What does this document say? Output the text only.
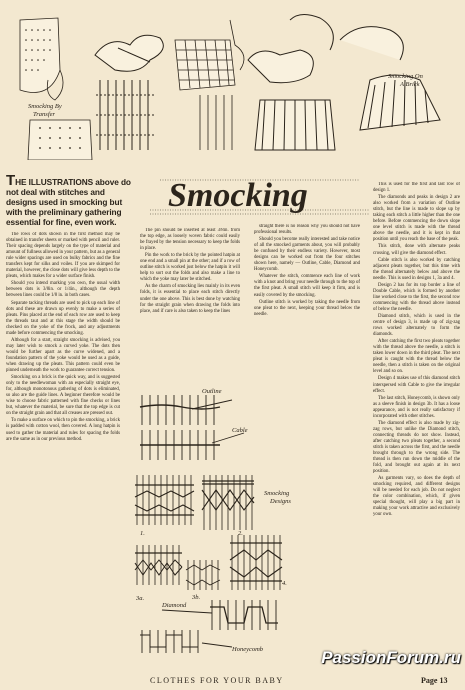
Smocking By
Transfer
Smocking On
A Brick
Smocking
THE ILLUSTRATIONS above do not deal with stitches and designs used in smocking but with the preliminary gathering essential for fine, even work.

The rows of dots shown in the first method may be obtained in transfer sheets or marked with pencil and ruler. Their spacing depends largely on the type of material and amount of fullness allowed in your pattern, but as a general rule wider spacings are used on bulky fabrics and the fine transfers kept for silks and voiles. If you are skimped for material, however, the close dots will give less depth to the pleats, which makes for a wider surface finish.

Should you intend marking you own, the usual width between dots is 3/8in. or 1/4in., although the depth between lines could be 1/8 in. in both cases.

Separate tacking threads are used to pick up each line of dots and these are drawn up evenly to make a series of pleats. Pins placed at the end of each row are used to keep the threads taut and at this stage the width should be checked on the yoke of the frock, and any adjustments made before commencing the smocking.

Although for a start, straight smocking is advised, you may later wish to smock a curved yoke. The dots then would be further apart as the curve widened, and a foundation pattern of the yoke would be used as a guide, when drawing up the pleats. This pattern could even be pinned underneath the work to guarantee correct tension.

Smocking on a brick is the quick way, and is suggested only to the needlewoman with an especially straight eye, for, although monotonous gathering of dots is eliminated, so also are the guide lines. A beginner therefore would be wise to choose fabric patterned with fine checks or lines but, whatever the material, be sure that the top edge is cut on the straight grain and that all creases are pressed out.

To make a surface on which to pin the smocking, a brick is padded with cotton wool, then covered. A long hatpin is used to gather the material and rules for spacing the folds are the same as in our previous method.

The pin should be inserted at least 3/8in. from the top edge, as loosely woven fabric could easily be frayed by the tension necessary to keep the folds in place.

Pin the work to the brick by the pointed hatpin at one end and a small pin at the other; and if a row of outline stitch is worked just below the hatpin it will help to sort out the folds and also make a line to which the yoke may later be stitched.

As the charm of smocking lies mainly in its even folds, it is essential to place each stitch directly under the one above. This is best done by watching for the straight grain when drawing the folds into place, and if care is also taken to keep the lines

straight there is no reason why you should not have professional results.

Should you become really interested and take notice of all the smocked garments about, you will probably be confused by their endless variety. However, most designs can be worked out from the four stitches shown here, namely — Outline, Cable, Diamond and Honeycomb.

Whatever the stitch, commence each line of work with a knot and bring your needle through to the top of the first pleat. A small stitch will keep it firm, and is easily covered by the smocking.

Outline stitch is worked by taking the needle from one pleat to the next, keeping your thread below the needle.

This is used for the first and last row of design 1.

The diamonds and peaks in design 2 are also worked from a variation of Outline stitch, but the line is made to slope up by taking each stitch a little higher than the one before. Before commencing the down slope one level stitch is made with the thread above the needle, and it is kept in that position until you reach the base of the peak.

This stitch, done with alternate peaks crossing, will give the diamond effect.

Cable stitch is also worked by catching adjacent pleats together, but this time with the thread alternately below and above the needle. This is used in designs 1, 3a and 4.

Design 2 has for its top border a line of Double Cable, which is formed by another line worked close to the first, the second row commencing with the thread above instead of below the needle.

Diamond stitch, which is used in the centre of design 3, is made up of zig-zag rows worked alternately to form the diamonds.

After catching the first two pleats together with the thread above the needle, a stitch is taken lower down in the third pleat. The next pleat is caught with the thread below the needle, then a stitch is taken on the original level and so on.

Design 4 makes use of this diamond stitch interspersed with Cable to give the irregular effect.

The last stitch, Honeycomb, is shown only as a sleeve finish in design 3b. It has a loose appearance, and is not really satisfactory if incorporated with other stitches.

The diamond effect is also made by zig-zag rows, but unlike the Diamond stitch, connecting threads do not show. Instead, after catching two pleats together, a second stitch is taken across the first, and the needle brought through to the wrong side. The thread is then run down the middle of the fold, and brought out again at its next position.

As garments vary, so does the depth of smocking required, and different designs will be needed for each job. Do not neglect the color combination, which, if given special thought, will play a big part in making your work attractive and exclusively your own.

Outline
Cable
1.	2.
Smocking
Designs
3a.	3b.
4.
Diamond
Honeycomb
CLOTHES FOR YOUR BABY	Page 13
PassionForum.ru
